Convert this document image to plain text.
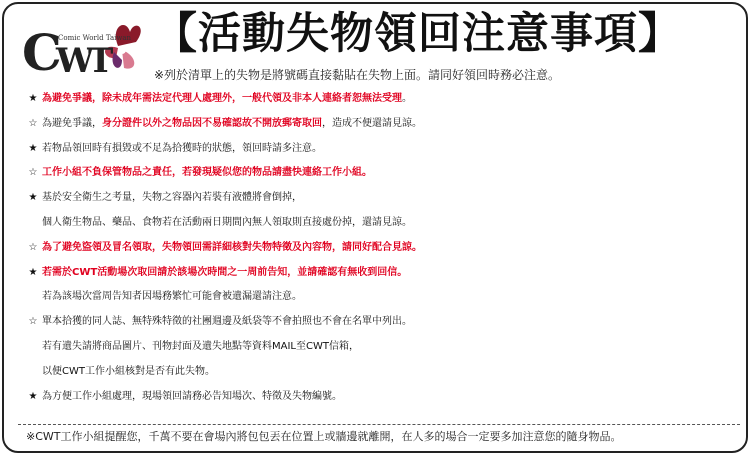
C
W
T
Comic World Taiwan 【活動失物領回注意事項】
※列於清單上的失物是將號碼直接黏貼在失物上面。請同好領回時務必注意。
★ 為避免爭議，除未成年需法定代理人處理外，一般代領及非本人連絡者恕無法受理。
☆ 為避免爭議，身分證件以外之物品因不易確認故不開放郵寄取回，造成不便還請見諒。
★ 若物品領回時有損毀或不足為拾獲時的狀態，領回時請多注意。
☆ 工作小組不負保管物品之責任，若發現疑似您的物品請盡快連絡工作小組。
★ 基於安全衛生之考量，失物之容器內若裝有液體將會倒掉，
個人衛生物品、藥品、食物若在活動兩日期間內無人領取則直接處份掉，還請見諒。
☆ 為了避免盜領及冒名領取，失物領回需詳細核對失物特徵及內容物，請同好配合見諒。
★ 若需於CWT活動場次取回請於該場次時間之一周前告知，並請確認有無收到回信。
若為該場次當周告知者因場務繁忙可能會被遺漏還請注意。
☆ 單本拾獲的同人誌、無特殊特徵的社團週邊及紙袋等不會拍照也不會在名單中列出。
若有遺失請將商品圖片、刊物封面及遺失地點等資料MAIL至CWT信箱，
以便CWT工作小組核對是否有此失物。
★ 為方便工作小組處理，現場領回請務必告知場次、特徵及失物編號。
※CWT工作小組提醒您，千萬不要在會場內將包包丟在位置上或牆邊就離開，在人多的場合一定要多加注意您的隨身物品。
